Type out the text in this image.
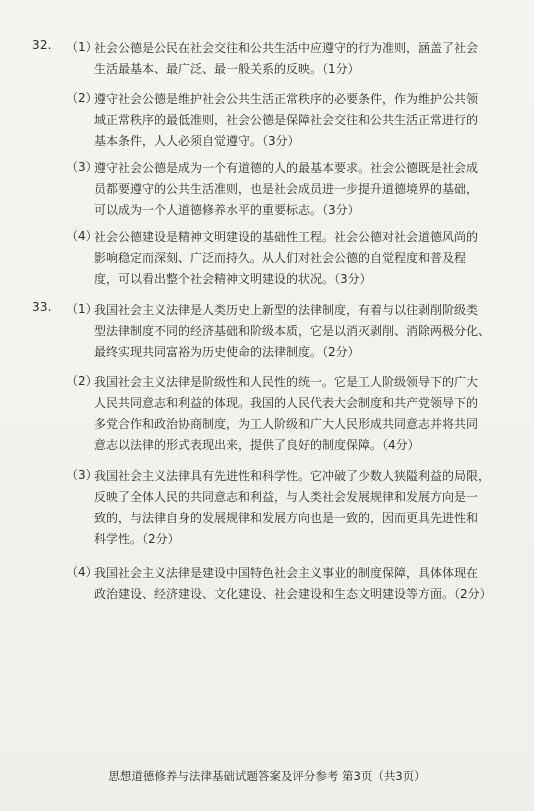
32.	（1）
社会公德是公民在社会交往和公共生活中应遵守的行为准则，涵盖了社会
生活最基本、最广泛、最一般关系的反映。（1分）
（2）
遵守社会公德是维护社会公共生活正常秩序的必要条件，作为维护公共领
域正常秩序的最低准则，社会公德是保障社会交往和公共生活正常进行的
基本条件，人人必须自觉遵守。（3分）
（3）
遵守社会公德是成为一个有道德的人的最基本要求。社会公德既是社会成
员都要遵守的公共生活准则，也是社会成员进一步提升道德境界的基础，
可以成为一个人道德修养水平的重要标志。（3分）
（4）
社会公德建设是精神文明建设的基础性工程。社会公德对社会道德风尚的
影响稳定而深刻、广泛而持久。从人们对社会公德的自觉程度和普及程
度，可以看出整个社会精神文明建设的状况。（3分）
33.	（1）
我国社会主义法律是人类历史上新型的法律制度，有着与以往剥削阶级类
型法律制度不同的经济基础和阶级本质，它是以消灭剥削、消除两极分化、
最终实现共同富裕为历史使命的法律制度。（2分）
（2）
我国社会主义法律是阶级性和人民性的统一。它是工人阶级领导下的广大
人民共同意志和利益的体现。我国的人民代表大会制度和共产党领导下的
多党合作和政治协商制度，为工人阶级和广大人民形成共同意志并将共同
意志以法律的形式表现出来，提供了良好的制度保障。（4分）
（3）
我国社会主义法律具有先进性和科学性。它冲破了少数人狭隘利益的局限，
反映了全体人民的共同意志和利益，与人类社会发展规律和发展方向是一
致的，与法律自身的发展规律和发展方向也是一致的，因而更具先进性和
科学性。（2分）
（4）
我国社会主义法律是建设中国特色社会主义事业的制度保障，具体体现在
政治建设、经济建设、文化建设、社会建设和生态文明建设等方面。（2分）
思想道德修养与法律基础试题答案及评分参考 第3页（共3页）
